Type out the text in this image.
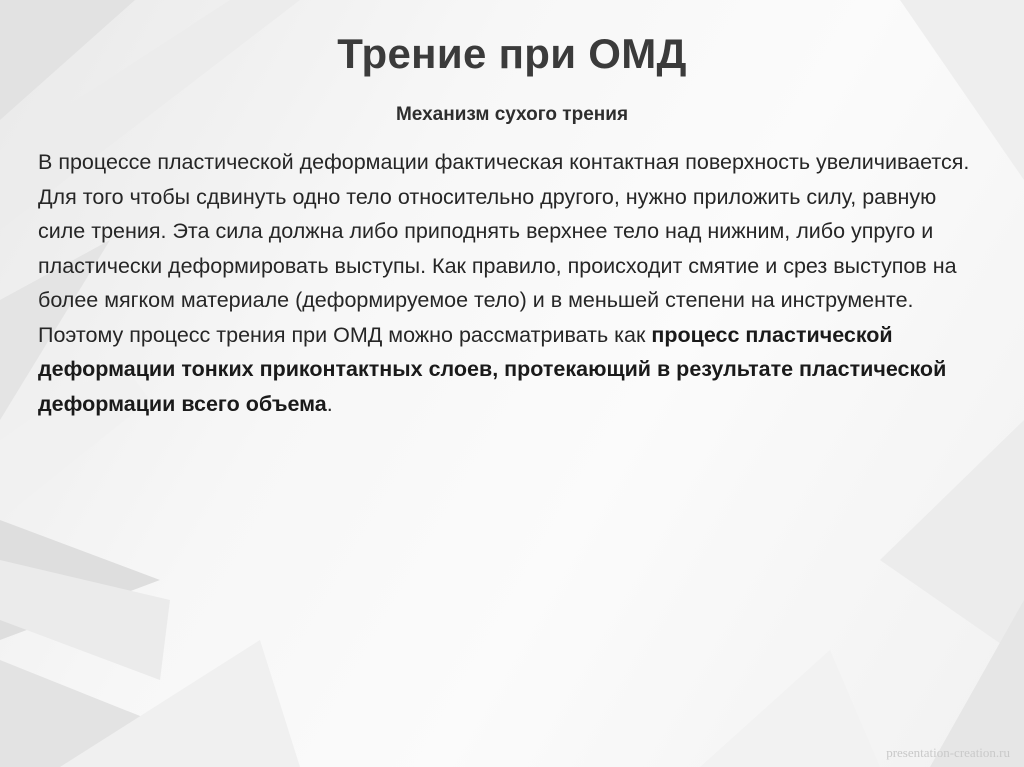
Трение при ОМД
Механизм сухого трения
В процессе пластической деформации фактическая контактная поверхность увеличивается. Для того чтобы сдвинуть одно тело относительно другого, нужно приложить силу, равную силе трения. Эта сила должна либо приподнять верхнее тело над нижним, либо упруго и пластически деформировать выступы. Как правило, происходит смятие и срез выступов на более мягком материале (деформируемое тело) и в меньшей степени на инструменте. Поэтому процесс трения при ОМД можно рассматривать как процесс пластической деформации тонких приконтактных слоев, протекающий в результате пластической деформации всего объема.
presentation-creation.ru
